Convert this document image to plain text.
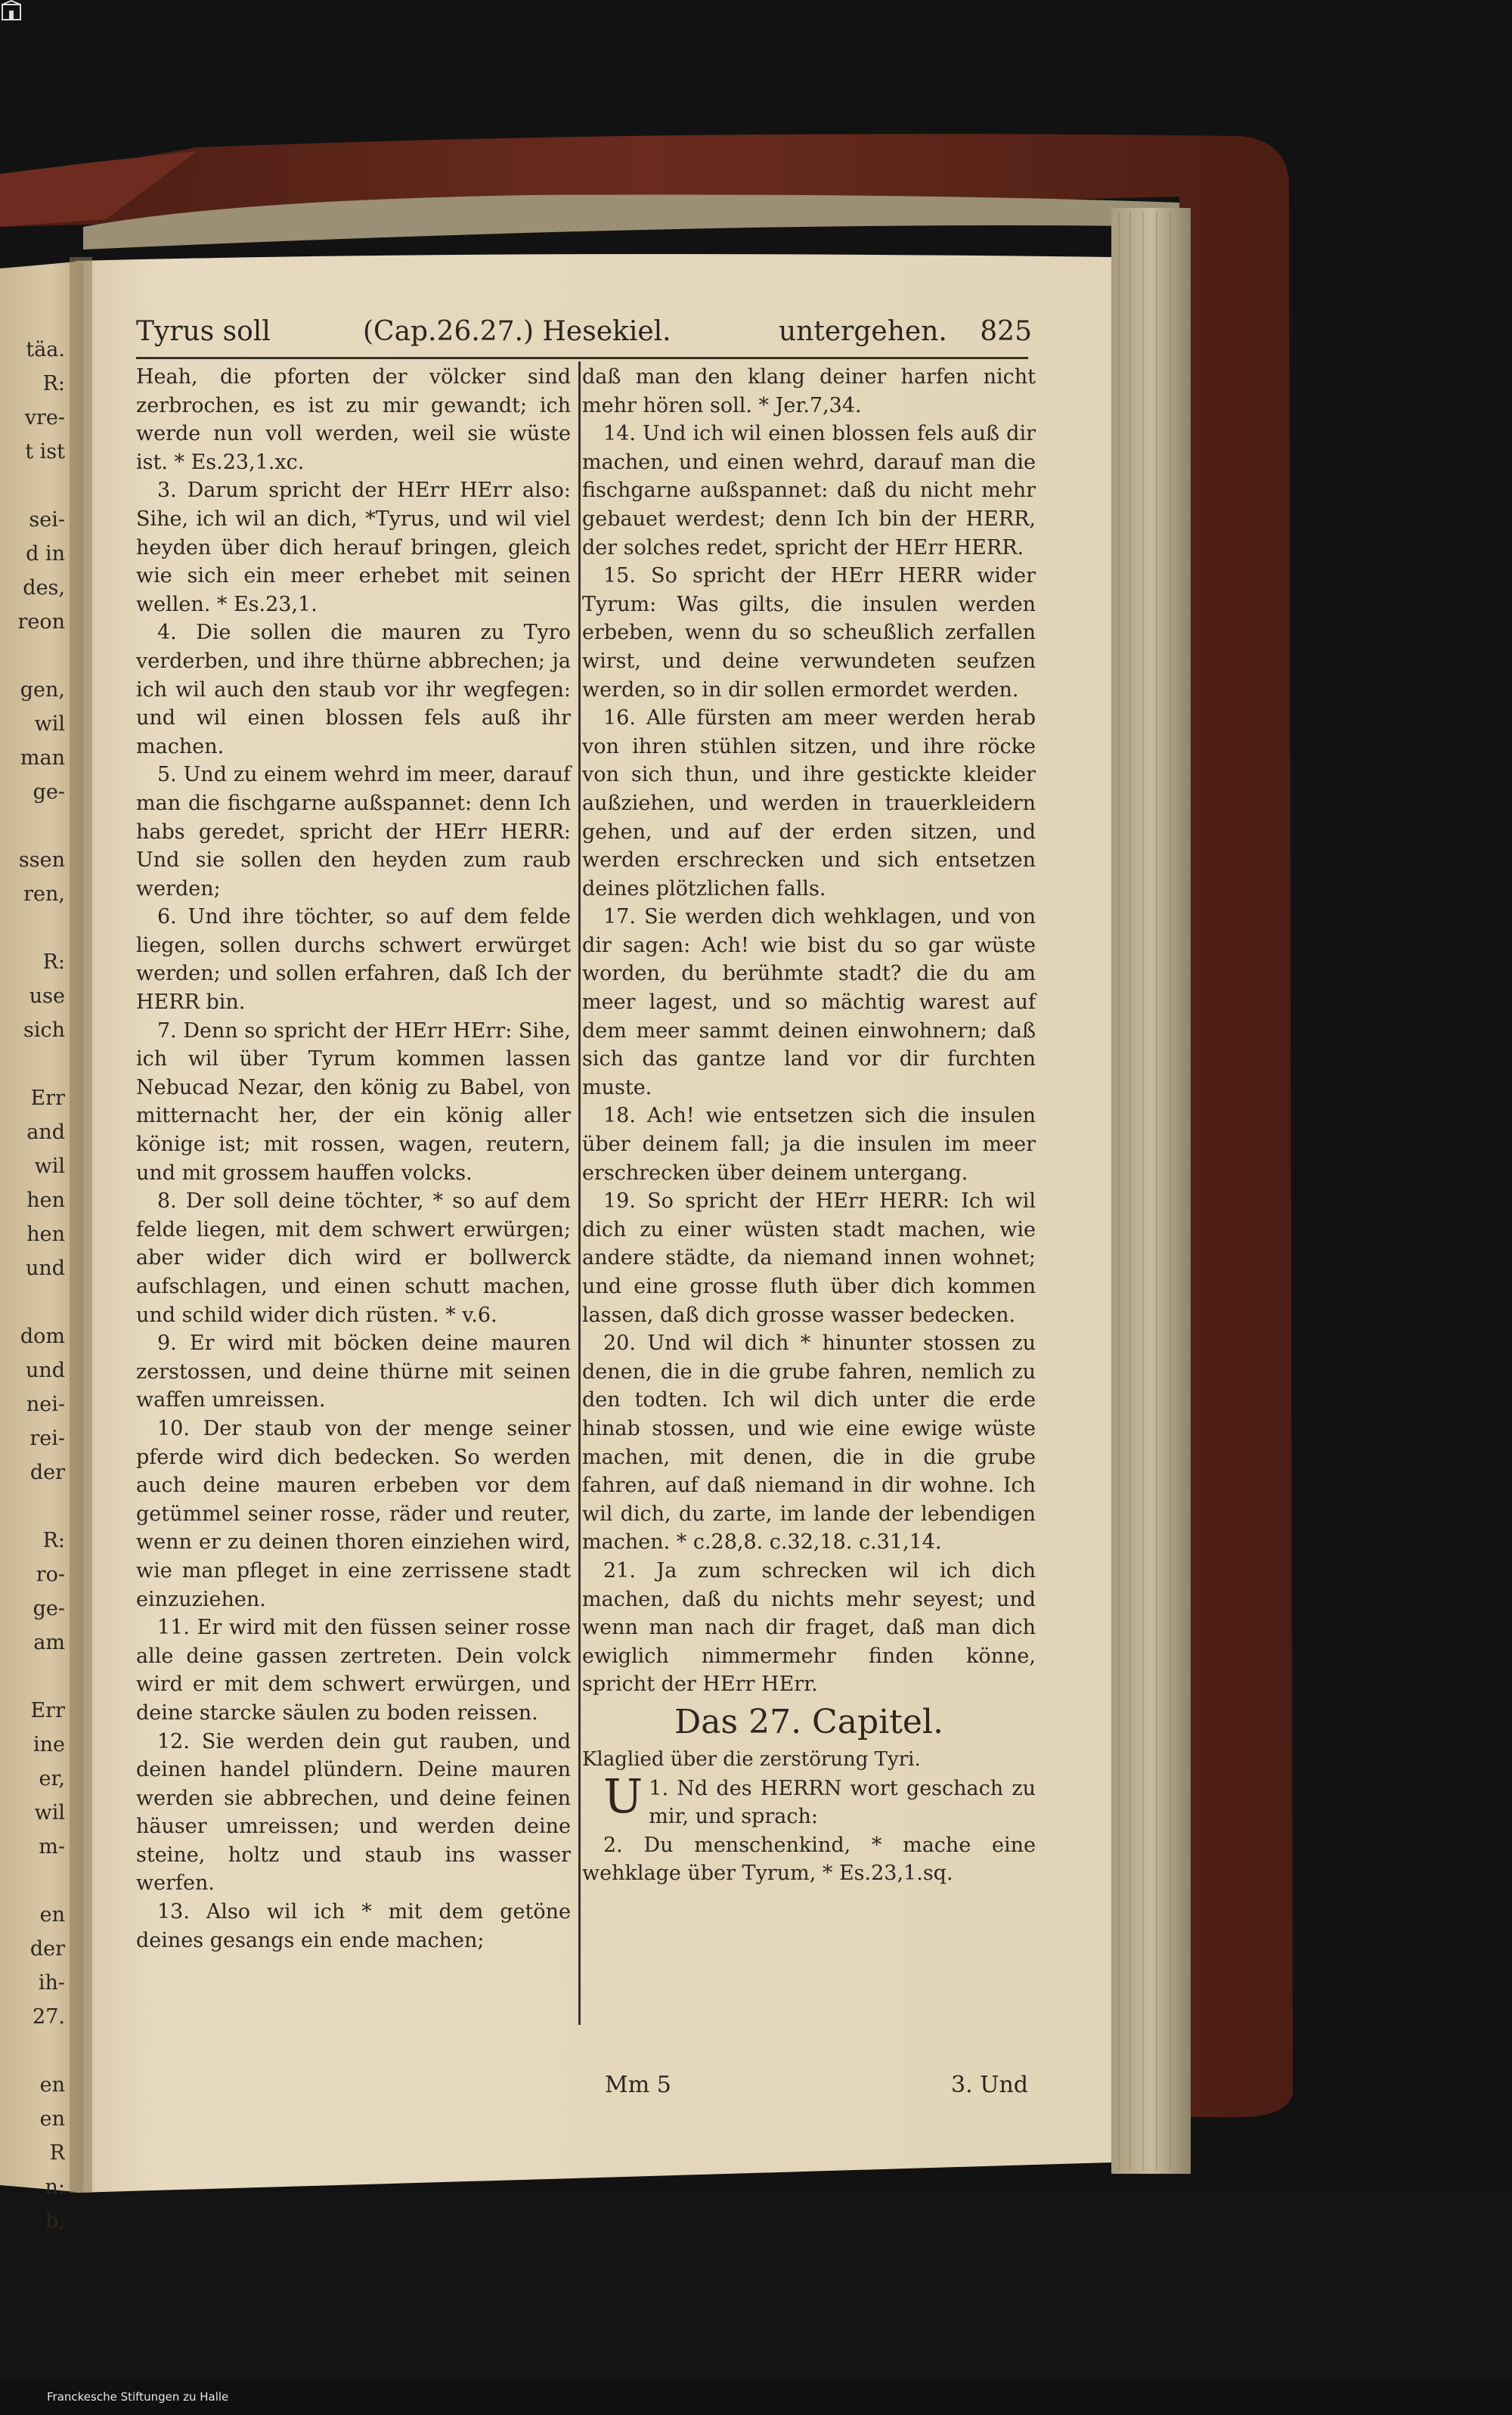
täa.
R:
vre-
t ist
sei-
d in
des,
reon
gen,
wil
man
ge-
ssen
ren,
R:
use
sich
Err
and
wil
hen
hen
und
dom
und
nei-
rei-
der
R:
ro-
ge-
am
Err
ine
er,
wil
m-
en
der
ih-
27.
en
en
R
n:
b,
Tyrus soll	(Cap.26.27.) Hesekiel.	untergehen. 825

Heah, die pforten der völcker sind zerbrochen, es ist zu mir gewandt; ich werde nun voll werden, weil sie wüste ist. * Es.23,1.xc.

3. Darum spricht der HErr HErr also: Sihe, ich wil an dich, *Tyrus, und wil viel heyden über dich herauf bringen, gleich wie sich ein meer erhebet mit seinen wellen. * Es.23,1.

4. Die sollen die mauren zu Tyro verderben, und ihre thürne abbrechen; ja ich wil auch den staub vor ihr wegfegen: und wil einen blossen fels auß ihr machen.

5. Und zu einem wehrd im meer, darauf man die fischgarne außspannet: denn Ich habs geredet, spricht der HErr HERR: Und sie sollen den heyden zum raub werden;

6. Und ihre töchter, so auf dem felde liegen, sollen durchs schwert erwürget werden; und sollen erfahren, daß Ich der HERR bin.

7. Denn so spricht der HErr HErr: Sihe, ich wil über Tyrum kommen lassen Nebucad Nezar, den könig zu Babel, von mitternacht her, der ein könig aller könige ist; mit rossen, wagen, reutern, und mit grossem hauffen volcks.

8. Der soll deine töchter, * so auf dem felde liegen, mit dem schwert erwürgen; aber wider dich wird er bollwerck aufschlagen, und einen schutt machen, und schild wider dich rüsten. * v.6.

9. Er wird mit böcken deine mauren zerstossen, und deine thürne mit seinen waffen umreissen.

10. Der staub von der menge seiner pferde wird dich bedecken. So werden auch deine mauren erbeben vor dem getümmel seiner rosse, räder und reuter, wenn er zu deinen thoren einziehen wird, wie man pfleget in eine zerrissene stadt einzuziehen.

11. Er wird mit den füssen seiner rosse alle deine gassen zertreten. Dein volck wird er mit dem schwert erwürgen, und deine starcke säulen zu boden reissen.

12. Sie werden dein gut rauben, und deinen handel plündern. Deine mauren werden sie abbrechen, und deine feinen häuser umreissen; und werden deine steine, holtz und staub ins wasser werfen.

13. Also wil ich * mit dem getöne deines gesangs ein ende machen;

daß man den klang deiner harfen nicht mehr hören soll. * Jer.7,34.

14. Und ich wil einen blossen fels auß dir machen, und einen wehrd, darauf man die fischgarne außspannet: daß du nicht mehr gebauet werdest; denn Ich bin der HERR, der solches redet, spricht der HErr HERR.

15. So spricht der HErr HERR wider Tyrum: Was gilts, die insulen werden erbeben, wenn du so scheußlich zerfallen wirst, und deine verwundeten seufzen werden, so in dir sollen ermordet werden.

16. Alle fürsten am meer werden herab von ihren stühlen sitzen, und ihre röcke von sich thun, und ihre gestickte kleider außziehen, und werden in trauerkleidern gehen, und auf der erden sitzen, und werden erschrecken und sich entsetzen deines plötzlichen falls.

17. Sie werden dich wehklagen, und von dir sagen: Ach! wie bist du so gar wüste worden, du berühmte stadt? die du am meer lagest, und so mächtig warest auf dem meer sammt deinen einwohnern; daß sich das gantze land vor dir furchten muste.

18. Ach! wie entsetzen sich die insulen über deinem fall; ja die insulen im meer erschrecken über deinem untergang.

19. So spricht der HErr HERR: Ich wil dich zu einer wüsten stadt machen, wie andere städte, da niemand innen wohnet; und eine grosse fluth über dich kommen lassen, daß dich grosse wasser bedecken.

20. Und wil dich * hinunter stossen zu denen, die in die grube fahren, nemlich zu den todten. Ich wil dich unter die erde hinab stossen, und wie eine ewige wüste machen, mit denen, die in die grube fahren, auf daß niemand in dir wohne. Ich wil dich, du zarte, im lande der lebendigen machen. * c.28,8. c.32,18. c.31,14.

21. Ja zum schrecken wil ich dich machen, daß du nichts mehr seyest; und wenn man nach dir fraget, daß man dich ewiglich nimmermehr finden könne, spricht der HErr HErr.

Das 27. Capitel.

Klaglied über die zerstörung Tyri.

1.
U Nd des HERRN wort geschach zu mir, und sprach:

2. Du menschenkind, * mache eine wehklage über Tyrum, * Es.23,1.sq.

Mm 5	3. Und
Franckesche Stiftungen zu Halle
